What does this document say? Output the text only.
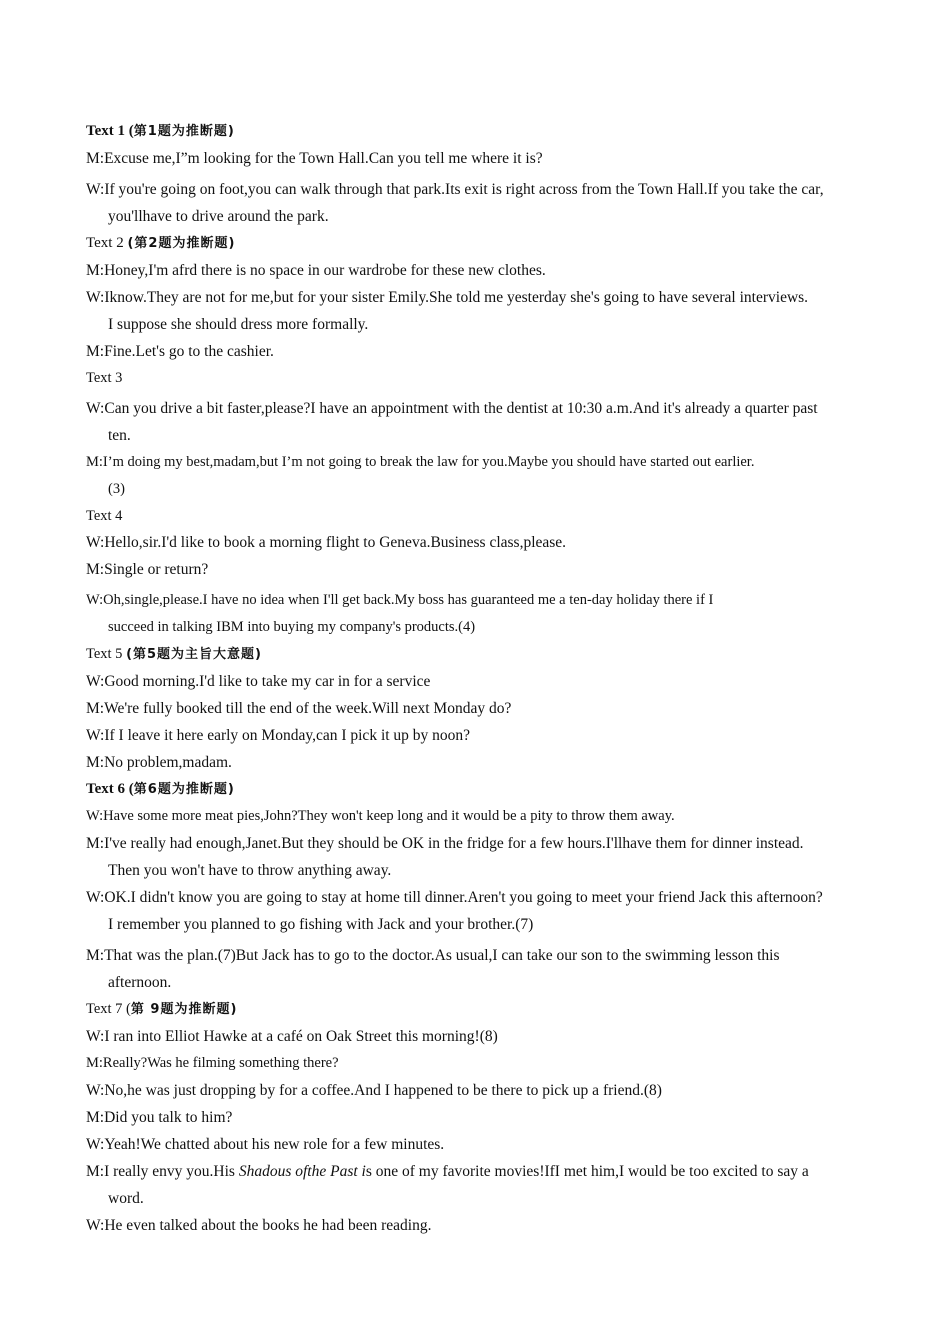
Text 1 (第1题为推断题)
M:Excuse me,I”m looking for the Town Hall.Can you tell me where it is?
W:If you're going on foot,you can walk through that park.Its exit is right across from the Town Hall.If you take the car,
you'llhave to drive around the park.
Text 2 (第2题为推断题)
M:Honey,I'm afrd there is no space in our wardrobe for these new clothes.
W:Iknow.They are not for me,but for your sister Emily.She told me yesterday she's going to have several interviews.
I suppose she should dress more formally.
M:Fine.Let's go to the cashier.
Text 3
W:Can you drive a bit faster,please?I have an appointment with the dentist at 10:30 a.m.And it's already a quarter past
ten.
M:I’m doing my best,madam,but I’m not going to break the law for you.Maybe you should have started out earlier.
(3)
Text 4
W:Hello,sir.I'd like to book a morning flight to Geneva.Business class,please.
M:Single or return?
W:Oh,single,please.I have no idea when I'll get back.My boss has guaranteed me a ten-day holiday there if I
succeed in talking IBM into buying my company's products.(4)
Text 5 (第5题为主旨大意题)
W:Good morning.I'd like to take my car in for a service
M:We're fully booked till the end of the week.Will next Monday do?
W:If I leave it here early on Monday,can I pick it up by noon?
M:No problem,madam.
Text 6 (第6题为推断题)
W:Have some more meat pies,John?They won't keep long and it would be a pity to throw them away.
M:I've really had enough,Janet.But they should be OK in the fridge for a few hours.I'llhave them for dinner instead.
Then you won't have to throw anything away.
W:OK.I didn't know you are going to stay at home till dinner.Aren't you going to meet your friend Jack this afternoon?
I remember you planned to go fishing with Jack and your brother.(7)
M:That was the plan.(7)But Jack has to go to the doctor.As usual,I can take our son to the swimming lesson this
afternoon.
Text 7 (第 9题为推断题)
W:I ran into Elliot Hawke at a café on Oak Street this morning!(8)
M:Really?Was he filming something there?
W:No,he was just dropping by for a coffee.And I happened to be there to pick up a friend.(8)
M:Did you talk to him?
W:Yeah!We chatted about his new role for a few minutes.
M:I really envy you.His Shadous ofthe Past is one of my favorite movies!IfI met him,I would be too excited to say a
word.
W:He even talked about the books he had been reading.
